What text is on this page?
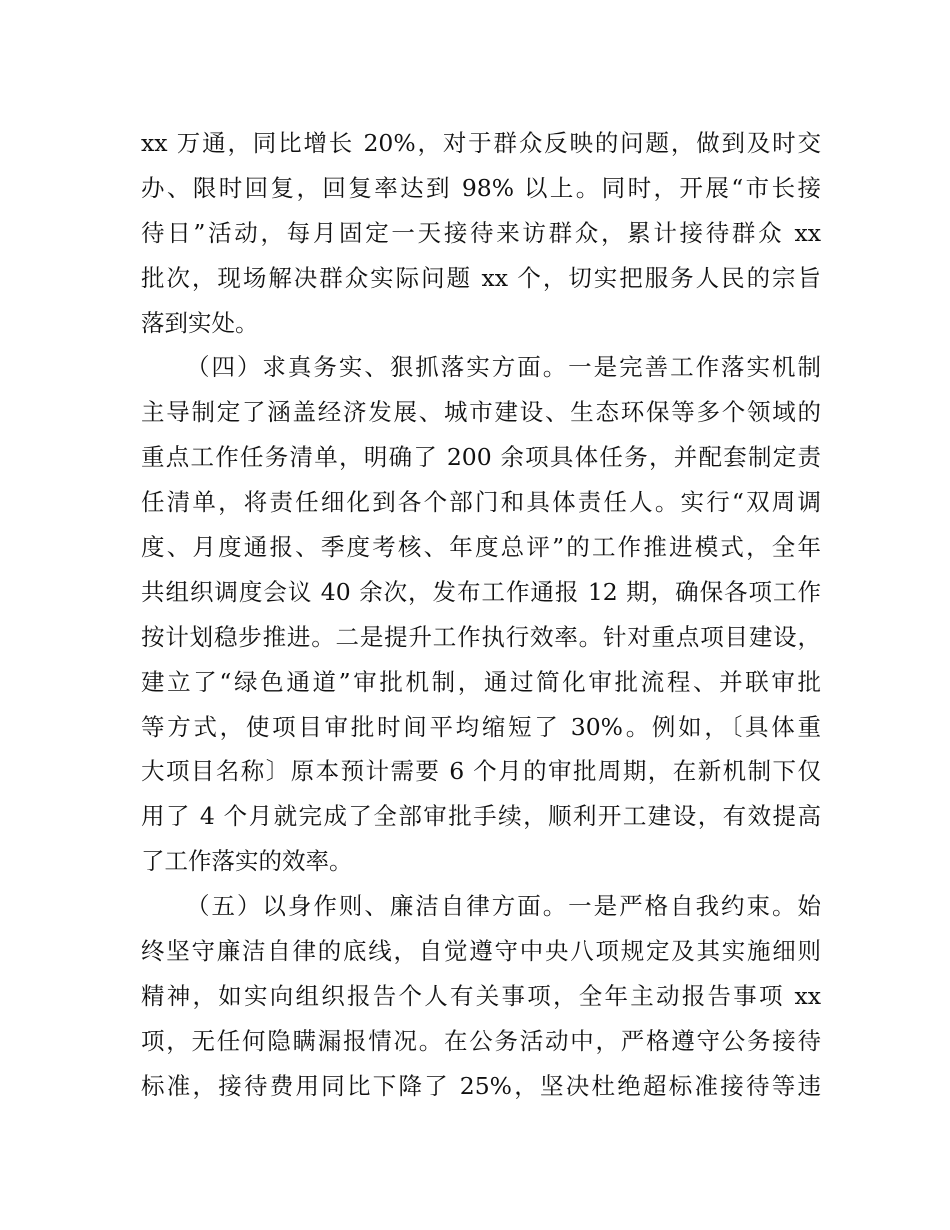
xx 万通，同比增长 20%，对于群众反映的问题，做到及时交
办、限时回复，回复率达到 98% 以上。同时，开展“市长接
待日”活动，每月固定一天接待来访群众，累计接待群众 xx
批次，现场解决群众实际问题 xx 个，切实把服务人民的宗旨
落到实处。
（四）求真务实、狠抓落实方面。一是完善工作落实机制
主导制定了涵盖经济发展、城市建设、生态环保等多个领域的
重点工作任务清单，明确了 200 余项具体任务，并配套制定责
任清单，将责任细化到各个部门和具体责任人。实行“双周调
度、月度通报、季度考核、年度总评”的工作推进模式，全年
共组织调度会议 40 余次，发布工作通报 12 期，确保各项工作
按计划稳步推进。二是提升工作执行效率。针对重点项目建设，
建立了“绿色通道”审批机制，通过简化审批流程、并联审批
等方式，使项目审批时间平均缩短了 30%。例如，〔具体重
大项目名称〕原本预计需要 6 个月的审批周期，在新机制下仅
用了 4 个月就完成了全部审批手续，顺利开工建设，有效提高
了工作落实的效率。
（五）以身作则、廉洁自律方面。一是严格自我约束。始
终坚守廉洁自律的底线，自觉遵守中央八项规定及其实施细则
精神，如实向组织报告个人有关事项，全年主动报告事项 xx
项，无任何隐瞒漏报情况。在公务活动中，严格遵守公务接待
标准，接待费用同比下降了 25%，坚决杜绝超标准接待等违
